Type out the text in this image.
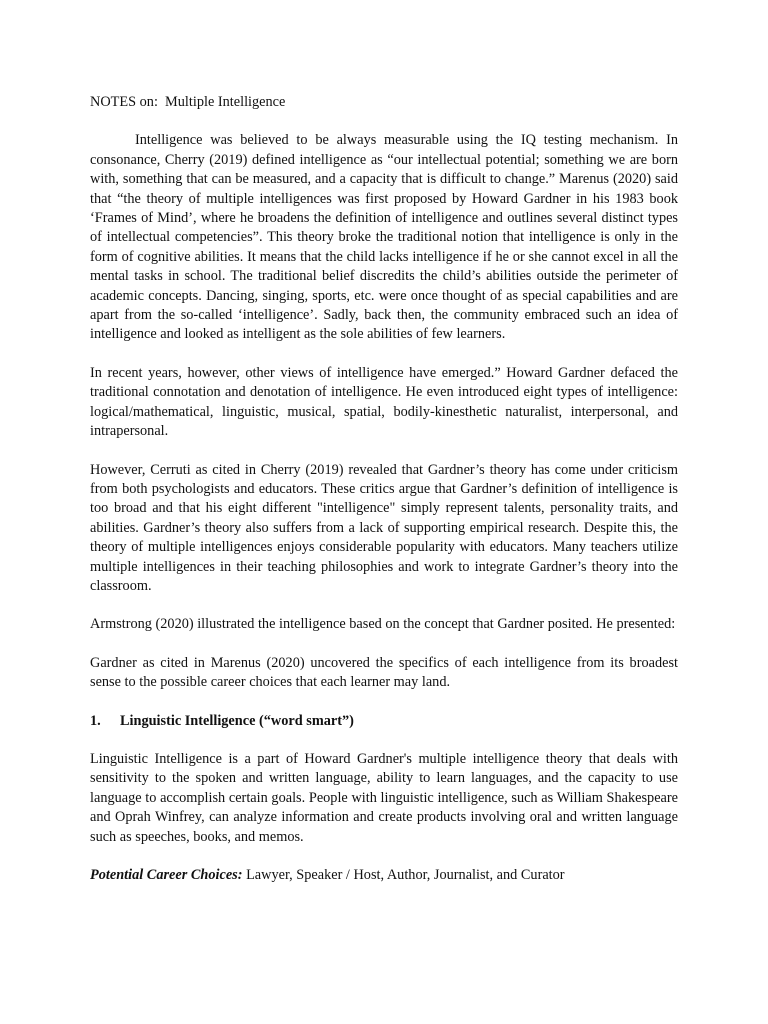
NOTES on:  Multiple Intelligence

Intelligence was believed to be always measurable using the IQ testing mechanism. In consonance, Cherry (2019) defined intelligence as “our intellectual potential; something we are born with, something that can be measured, and a capacity that is difficult to change.” Marenus (2020) said that “the theory of multiple intelligences was first proposed by Howard Gardner in his 1983 book ‘Frames of Mind’, where he broadens the definition of intelligence and outlines several distinct types of intellectual competencies”. This theory broke the traditional notion that intelligence is only in the form of cognitive abilities. It means that the child lacks intelligence if he or she cannot excel in all the mental tasks in school. The traditional belief discredits the child’s abilities outside the perimeter of academic concepts. Dancing, singing, sports, etc. were once thought of as special capabilities and are apart from the so-called ‘intelligence’. Sadly, back then, the community embraced such an idea of intelligence and looked as intelligent as the sole abilities of few learners.

In recent years, however, other views of intelligence have emerged.” Howard Gardner defaced the traditional connotation and denotation of intelligence. He even introduced eight types of intelligence: logical/mathematical, linguistic, musical, spatial, bodily-kinesthetic naturalist, interpersonal, and intrapersonal.

However, Cerruti as cited in Cherry (2019) revealed that Gardner’s theory has come under criticism from both psychologists and educators. These critics argue that Gardner’s definition of intelligence is too broad and that his eight different "intelligence" simply represent talents, personality traits, and abilities. Gardner’s theory also suffers from a lack of supporting empirical research. Despite this, the theory of multiple intelligences enjoys considerable popularity with educators. Many teachers utilize multiple intelligences in their teaching philosophies and work to integrate Gardner’s theory into the classroom.

Armstrong (2020) illustrated the intelligence based on the concept that Gardner posited. He presented:

Gardner as cited in Marenus (2020) uncovered the specifics of each intelligence from its broadest sense to the possible career choices that each learner may land.

1. Linguistic Intelligence (“word smart”)

Linguistic Intelligence is a part of Howard Gardner's multiple intelligence theory that deals with sensitivity to the spoken and written language, ability to learn languages, and the capacity to use language to accomplish certain goals. People with linguistic intelligence, such as William Shakespeare and Oprah Winfrey, can analyze information and create products involving oral and written language such as speeches, books, and memos.

Potential Career Choices: Lawyer, Speaker / Host, Author, Journalist, and Curator
